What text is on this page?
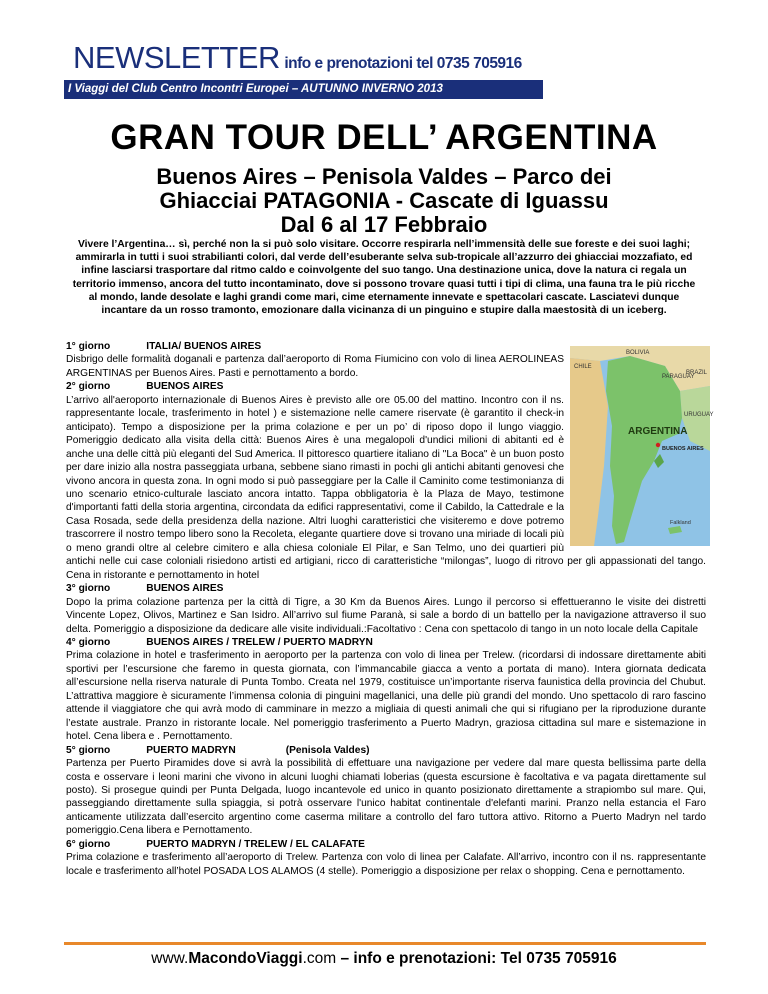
NEWSLETTER info e prenotazioni tel 0735 705916
I Viaggi del Club Centro Incontri Europei – AUTUNNO INVERNO 2013
GRAN TOUR DELL’ ARGENTINA
Buenos Aires – Penisola Valdes – Parco dei
Ghiacciai PATAGONIA - Cascate di Iguassu
Dal 6 al 17 Febbraio
Vivere l’Argentina… sì, perché non la si può solo visitare. Occorre respirarla nell’immensità delle sue foreste e dei suoi laghi; ammirarla in tutti i suoi strabilianti colori, dal verde dell’esuberante selva sub-tropicale all’azzurro dei ghiacciai mozzafiato, ed infine lasciarsi trasportare dal ritmo caldo e coinvolgente del suo tango. Una destinazione unica, dove la natura ci regala un territorio immenso, ancora del tutto incontaminato, dove si possono trovare quasi tutti i tipi di clima, una fauna tra le più ricche al mondo, lande desolate e laghi grandi come mari, cime eternamente innevate e spettacolari cascate. Lasciatevi dunque incantare da un rosso tramonto, emozionare dalla vicinanza di un pinguino e stupire dalla maestosità di un iceberg.
ARGENTINA
CHILE
BOLIVIA
PARAGUAY
BRAZIL
URUGUAY
BUENOS AIRES
Falkland
1° giorno	ITALIA/ BUENOS AIRES

Disbrigo delle formalità doganali e partenza dall’aeroporto di Roma Fiumicino con volo di linea AEROLINEAS ARGENTINAS per Buenos Aires. Pasti e pernottamento a bordo.

2° giorno	BUENOS AIRES

L’arrivo all'aeroporto internazionale di Buenos Aires è previsto alle ore 05.00 del mattino. Incontro con il ns. rappresentante locale, trasferimento in hotel ) e sistemazione nelle camere riservate (è garantito il check-in anticipato). Tempo a disposizione per la prima colazione e per un po’ di riposo dopo il lungo viaggio. Pomeriggio dedicato alla visita della città: Buenos Aires è una megalopoli d'undici milioni di abitanti ed è anche una delle città più eleganti del Sud America. Il pittoresco quartiere italiano di "La Boca" è un buon posto per dare inizio alla nostra passeggiata urbana, sebbene siano rimasti in pochi gli antichi abitanti genovesi che vivono ancora in questa zona. In ogni modo si può passeggiare per la Calle il Caminito come testimonianza di uno scenario etnico-culturale lasciato ancora intatto. Tappa obbligatoria è la Plaza de Mayo, testimone d'importanti fatti della storia argentina, circondata da edifici rappresentativi, come il Cabildo, la Cattedrale e la Casa Rosada, sede della presidenza della nazione. Altri luoghi caratteristici che visiteremo e dove potremo trascorrere il nostro tempo libero sono la Recoleta, elegante quartiere dove si trovano una miriade di locali più o meno grandi oltre al celebre cimitero e alla chiesa coloniale El Pilar, e San Telmo, uno dei quartieri più antichi nelle cui case coloniali risiedono artisti ed artigiani, ricco di caratteristiche “milongas”, luogo di ritrovo per gli appassionati del tango. Cena in ristorante e pernottamento in hotel

3° giorno	BUENOS AIRES

Dopo la prima colazione partenza per la città di Tigre, a 30 Km da Buenos Aires. Lungo il percorso si effettueranno le visite dei distretti Vincente Lopez, Olivos, Martinez e San Isidro. All’arrivo sul fiume Paranà, si sale a bordo di un battello per la navigazione attraverso il suo delta. Pomeriggio a disposizione da dedicare alle visite individuali.:Facoltativo : Cena con spettacolo di tango in un noto locale della Capitale

4° giorno	BUENOS AIRES / TRELEW / PUERTO MADRYN

Prima colazione in hotel e trasferimento in aeroporto per la partenza con volo di linea per Trelew. (ricordarsi di indossare direttamente abiti sportivi per l’escursione che faremo in questa giornata, con l’immancabile giacca a vento a portata di mano). Intera giornata dedicata all’escursione nella riserva naturale di Punta Tombo. Creata nel 1979, costituisce un’importante riserva faunistica della provincia del Chubut. L’attrattiva maggiore è sicuramente l’immensa colonia di pinguini magellanici, una delle più grandi del mondo. Uno spettacolo di raro fascino attende il viaggiatore che qui avrà modo di camminare in mezzo a migliaia di questi animali che qui si rifugiano per la riproduzione durante l’estate australe. Pranzo in ristorante locale. Nel pomeriggio trasferimento a Puerto Madryn, graziosa cittadina sul mare e sistemazione in hotel. Cena libera e . Pernottamento.

5° giorno	PUERTO MADRYN	(Penisola Valdes)

Partenza per Puerto Piramides dove si avrà la possibilità di effettuare una navigazione per vedere dal mare questa bellissima parte della costa e osservare i leoni marini che vivono in alcuni luoghi chiamati loberias (questa escursione è facoltativa e va pagata direttamente sul posto). Si prosegue quindi per Punta Delgada, luogo incantevole ed unico in quanto posizionato direttamente a strapiombo sul mare. Qui, passeggiando direttamente sulla spiaggia, si potrà osservare l'unico habitat continentale d'elefanti marini. Pranzo nella estancia el Faro anticamente utilizzata dall’esercito argentino come caserma militare a controllo del faro tuttora attivo. Ritorno a Puerto Madryn nel tardo pomeriggio.Cena libera e Pernottamento.

6° giorno	PUERTO MADRYN / TRELEW / EL CALAFATE

Prima colazione e trasferimento all’aeroporto di Trelew. Partenza con volo di linea per Calafate. All’arrivo, incontro con il ns. rappresentante locale e trasferimento all’hotel POSADA LOS ALAMOS (4 stelle). Pomeriggio a disposizione per relax o shopping. Cena e pernottamento.

www.MacondoViaggi.com – info e prenotazioni: Tel 0735 705916
